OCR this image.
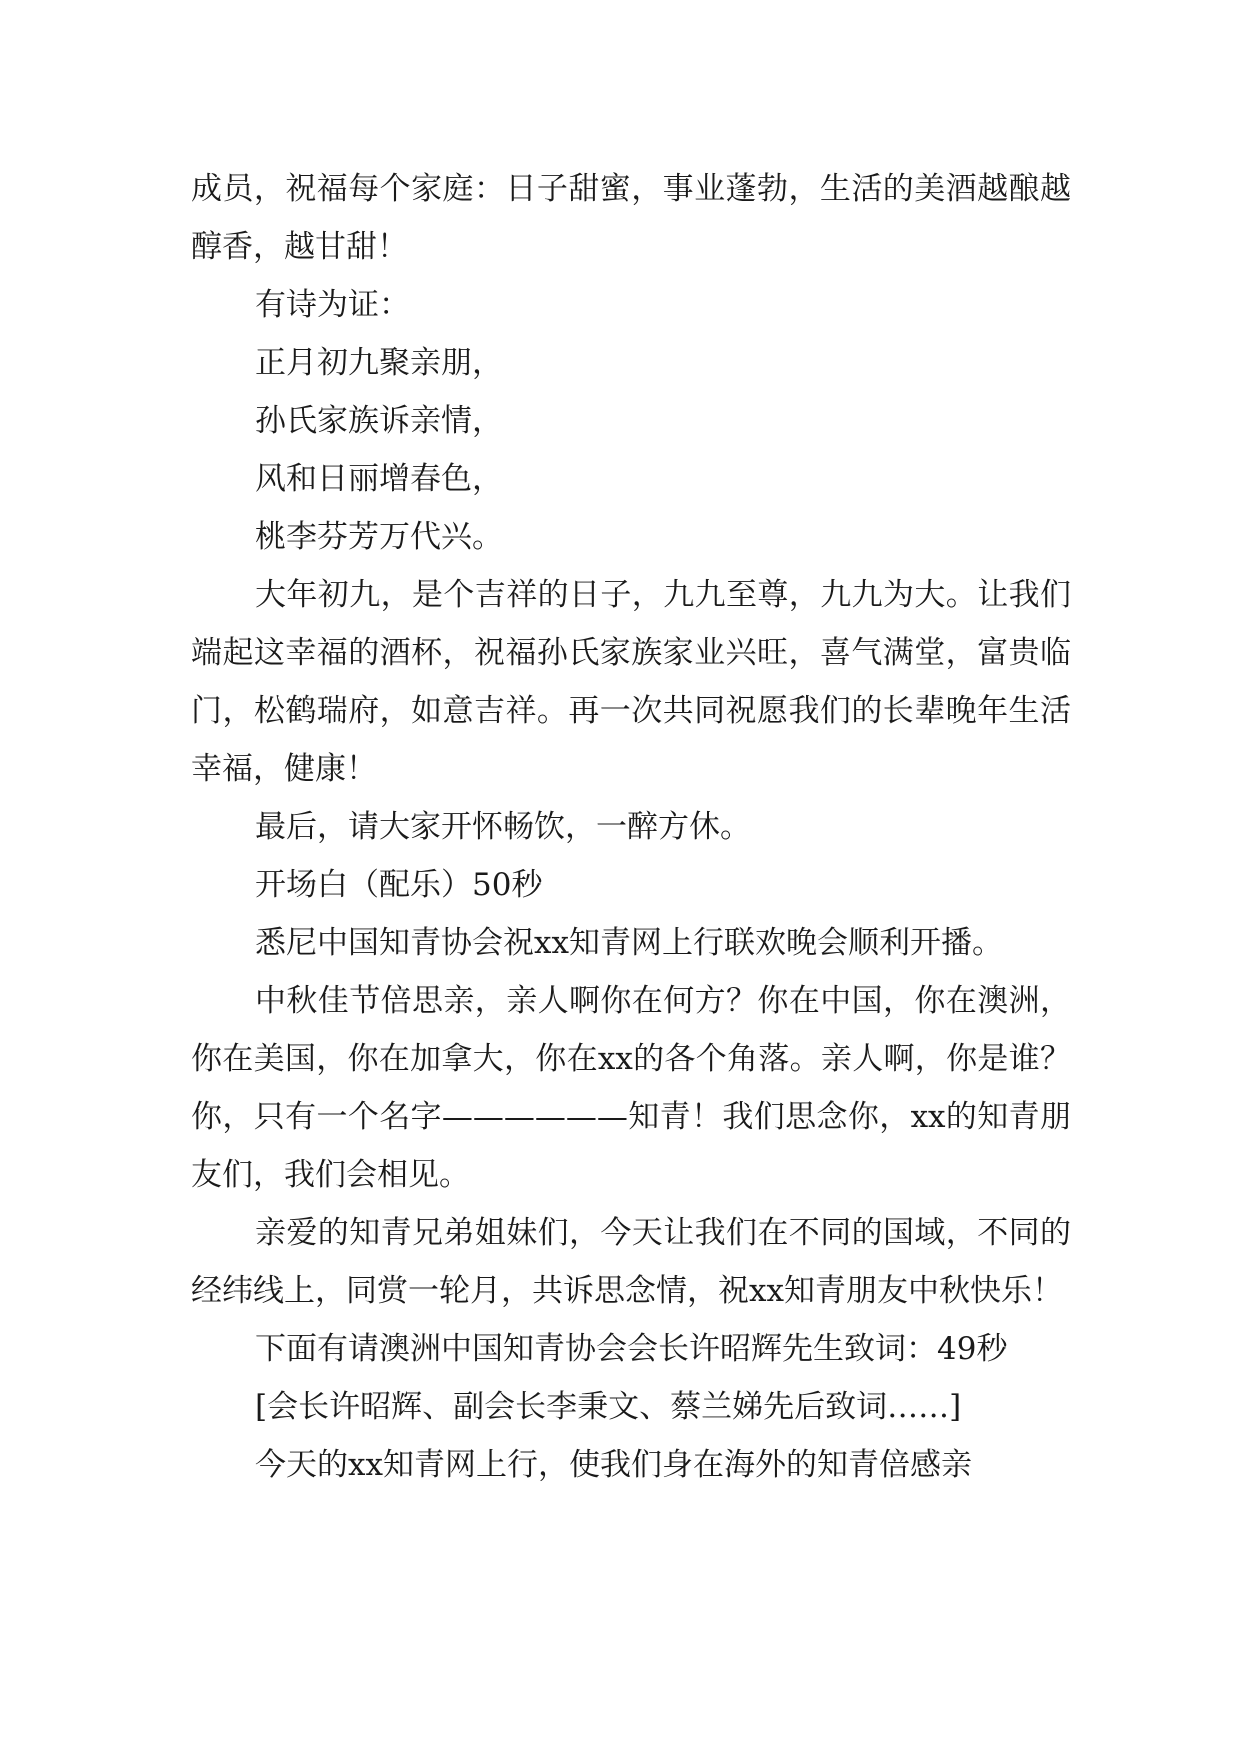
成员，祝福每个家庭：日子甜蜜，事业蓬勃，生活的美酒越酿越醇香，越甘甜！

有诗为证：

正月初九聚亲朋，

孙氏家族诉亲情，

风和日丽增春色，

桃李芬芳万代兴。

大年初九，是个吉祥的日子，九九至尊，九九为大。让我们端起这幸福的酒杯，祝福孙氏家族家业兴旺，喜气满堂，富贵临门，松鹤瑞府，如意吉祥。再一次共同祝愿我们的长辈晚年生活幸福，健康！

最后，请大家开怀畅饮，一醉方休。

开场白（配乐）50秒

悉尼中国知青协会祝xx知青网上行联欢晚会顺利开播。

中秋佳节倍思亲，亲人啊你在何方？你在中国，你在澳洲，你在美国，你在加拿大，你在xx的各个角落。亲人啊，你是谁？你，只有一个名字——————知青！我们思念你，xx的知青朋友们，我们会相见。

亲爱的知青兄弟姐妹们，今天让我们在不同的国域，不同的经纬线上，同赏一轮月，共诉思念情，祝xx知青朋友中秋快乐！

下面有请澳洲中国知青协会会长许昭辉先生致词：49秒

[会长许昭辉、副会长李秉文、蔡兰娣先后致词……]

今天的xx知青网上行，使我们身在海外的知青倍感亲
